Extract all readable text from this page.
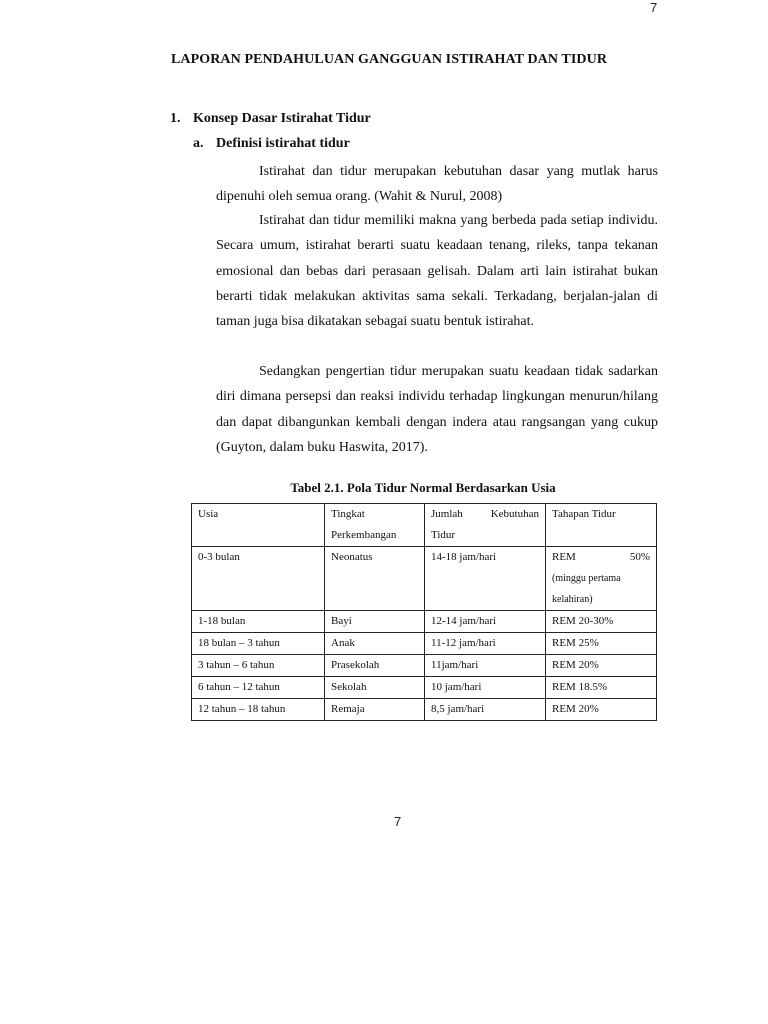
7
LAPORAN PENDAHULUAN GANGGUAN ISTIRAHAT DAN TIDUR
1. Konsep Dasar Istirahat Tidur
a. Definisi istirahat tidur

Istirahat dan tidur merupakan kebutuhan dasar yang mutlak harus dipenuhi oleh semua orang. (Wahit & Nurul, 2008)

Istirahat dan tidur memiliki makna yang berbeda pada setiap individu. Secara umum, istirahat berarti suatu keadaan tenang, rileks, tanpa tekanan emosional dan bebas dari perasaan gelisah. Dalam arti lain istirahat bukan berarti tidak melakukan aktivitas sama sekali. Terkadang, berjalan-jalan di taman juga bisa dikatakan sebagai suatu bentuk istirahat.

Sedangkan pengertian tidur merupakan suatu keadaan tidak sadarkan diri dimana persepsi dan reaksi individu terhadap lingkungan menurun/hilang dan dapat dibangunkan kembali dengan indera atau rangsangan yang cukup (Guyton, dalam buku Haswita, 2017).

Tabel 2.1. Pola Tidur Normal Berdasarkan Usia
Usia	Tingkat Perkembangan	Jumlah Kebutuhan Tidur	Tahapan Tidur
0-3 bulan	Neonatus	14-18 jam/hari	REM 50%
(minggu pertama kelahiran)

1-18 bulan	Bayi	12-14 jam/hari	REM 20-30%
18 bulan – 3 tahun	Anak	11-12 jam/hari	REM 25%
3 tahun – 6 tahun	Prasekolah	11jam/hari	REM 20%
6 tahun – 12 tahun	Sekolah	10 jam/hari	REM 18.5%
12 tahun – 18 tahun	Remaja	8,5 jam/hari	REM 20%
7
